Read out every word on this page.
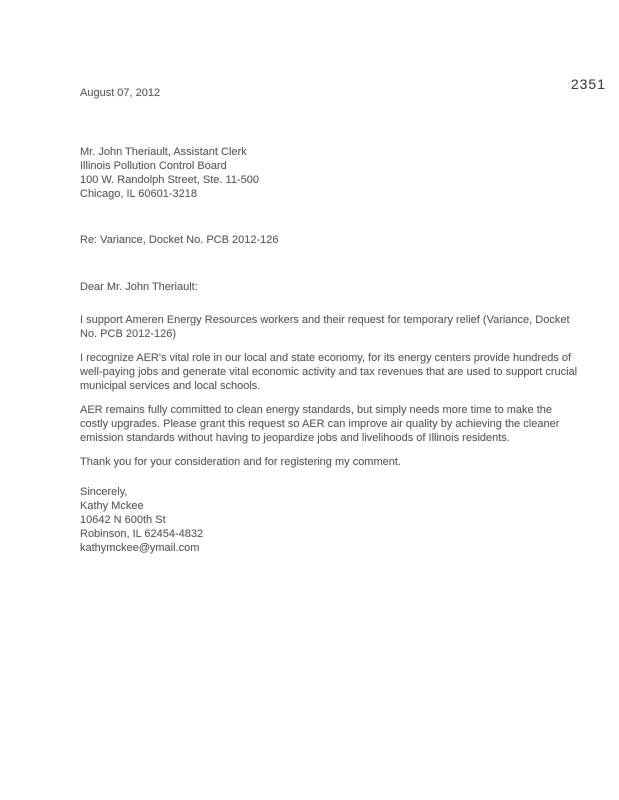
2351
August 07, 2012
Mr. John Theriault, Assistant Clerk
Illinois Pollution Control Board
100 W. Randolph Street, Ste. 11-500
Chicago, IL 60601-3218
Re: Variance, Docket No. PCB 2012-126
Dear Mr. John Theriault:

I support Ameren Energy Resources workers and their request for temporary relief (Variance, Docket No. PCB 2012-126)

I recognize AER's vital role in our local and state economy, for its energy centers provide hundreds of well-paying jobs and generate vital economic activity and tax revenues that are used to support crucial municipal services and local schools.

AER remains fully committed to clean energy standards, but simply needs more time to make the costly upgrades. Please grant this request so AER can improve air quality by achieving the cleaner emission standards without having to jeopardize jobs and livelihoods of Illinois residents.

Thank you for your consideration and for registering my comment.

Sincerely,
Kathy Mckee
10642 N 600th St
Robinson, IL 62454-4832
kathymckee@ymail.com
